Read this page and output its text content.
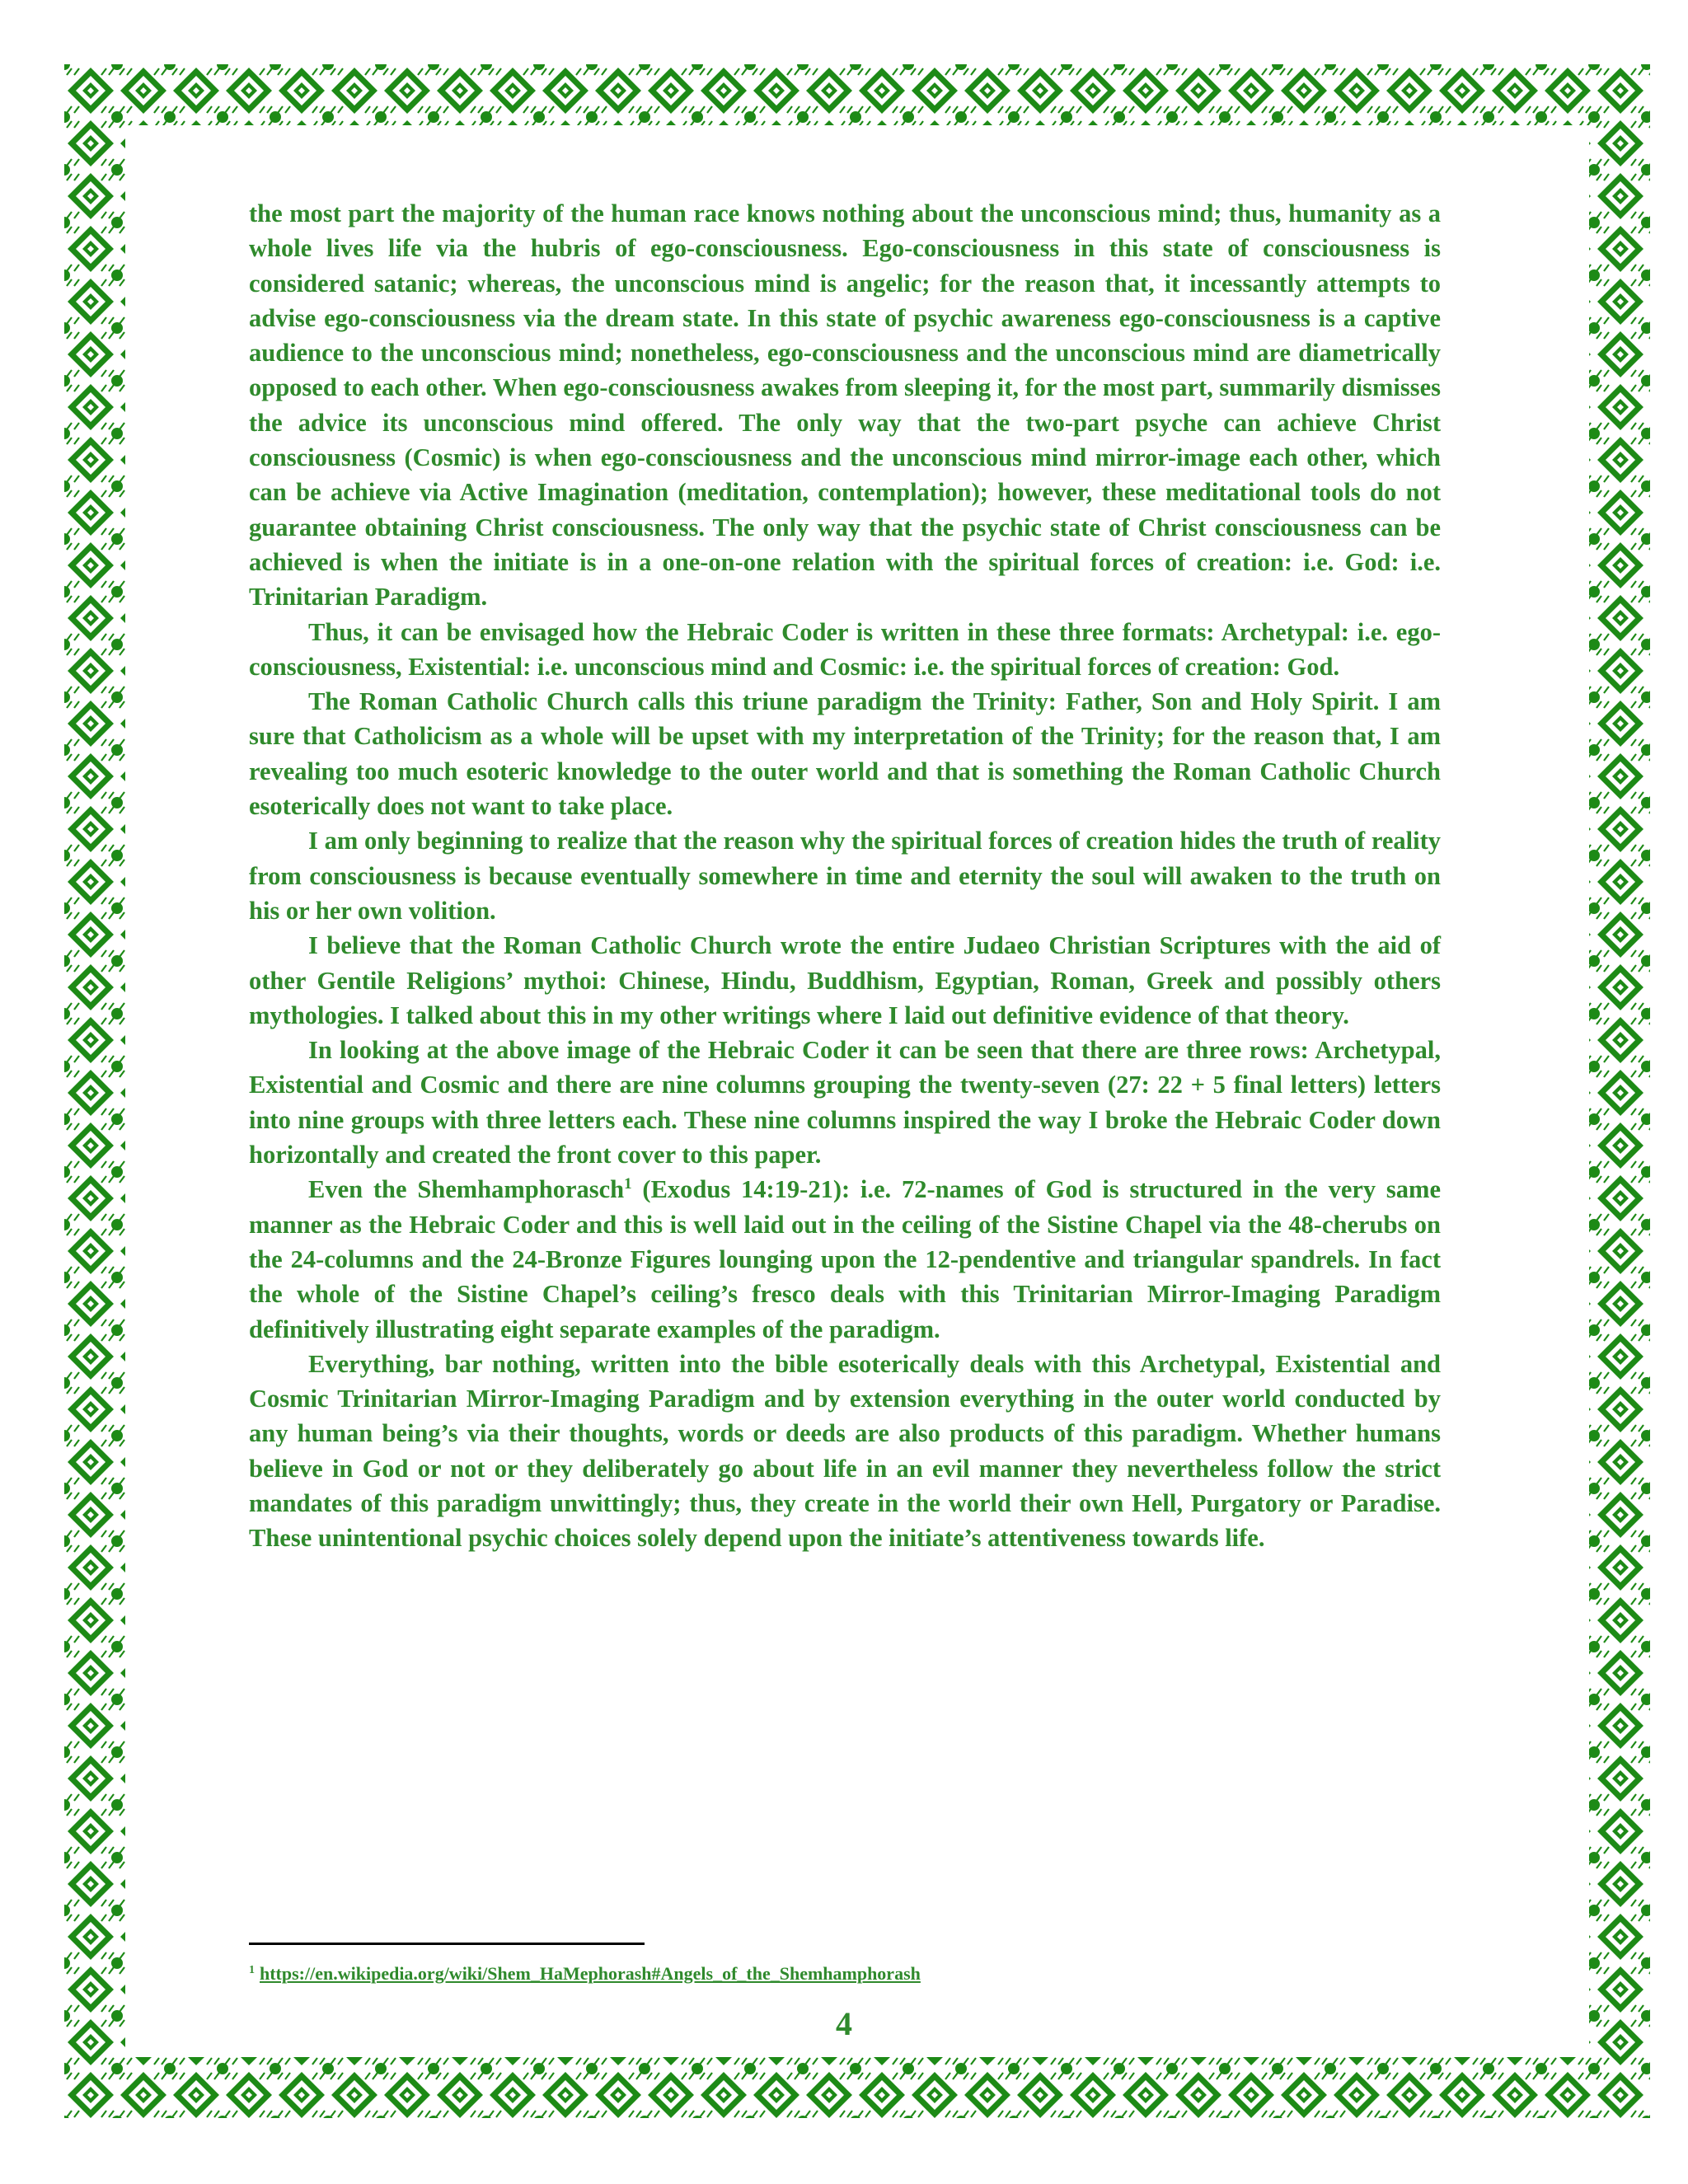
the most part the majority of the human race knows nothing about the unconscious mind; thus, humanity as a whole lives life via the hubris of ego-consciousness. Ego-consciousness in this state of consciousness is considered satanic; whereas, the unconscious mind is angelic; for the reason that, it incessantly attempts to advise ego-consciousness via the dream state. In this state of psychic awareness ego-consciousness is a captive audience to the unconscious mind; nonetheless, ego-consciousness and the unconscious mind are diametrically opposed to each other. When ego-consciousness awakes from sleeping it, for the most part, summarily dismisses the advice its unconscious mind offered. The only way that the two-part psyche can achieve Christ consciousness (Cosmic) is when ego-consciousness and the unconscious mind mirror-image each other, which can be achieve via Active Imagination (meditation, contemplation); however, these meditational tools do not guarantee obtaining Christ consciousness. The only way that the psychic state of Christ consciousness can be achieved is when the initiate is in a one-on-one relation with the spiritual forces of creation: i.e. God: i.e. Trinitarian Paradigm.

Thus, it can be envisaged how the Hebraic Coder is written in these three formats: Archetypal: i.e. ego-consciousness, Existential: i.e. unconscious mind and Cosmic: i.e. the spiritual forces of creation: God.

The Roman Catholic Church calls this triune paradigm the Trinity: Father, Son and Holy Spirit. I am sure that Catholicism as a whole will be upset with my interpretation of the Trinity; for the reason that, I am revealing too much esoteric knowledge to the outer world and that is something the Roman Catholic Church esoterically does not want to take place.

I am only beginning to realize that the reason why the spiritual forces of creation hides the truth of reality from consciousness is because eventually somewhere in time and eternity the soul will awaken to the truth on his or her own volition.

I believe that the Roman Catholic Church wrote the entire Judaeo Christian Scriptures with the aid of other Gentile Religions’ mythoi: Chinese, Hindu, Buddhism, Egyptian, Roman, Greek and possibly others mythologies. I talked about this in my other writings where I laid out definitive evidence of that theory.

In looking at the above image of the Hebraic Coder it can be seen that there are three rows: Archetypal, Existential and Cosmic and there are nine columns grouping the twenty-seven (27: 22 + 5 final letters) letters into nine groups with three letters each. These nine columns inspired the way I broke the Hebraic Coder down horizontally and created the front cover to this paper.

Even the Shemhamphorasch$^1$ (Exodus 14:19-21): i.e. 72-names of God is structured in the very same manner as the Hebraic Coder and this is well laid out in the ceiling of the Sistine Chapel via the 48-cherubs on the 24-columns and the 24-Bronze Figures lounging upon the 12-pendentive and triangular spandrels. In fact the whole of the Sistine Chapel’s ceiling’s fresco deals with this Trinitarian Mirror-Imaging Paradigm definitively illustrating eight separate examples of the paradigm.

Everything, bar nothing, written into the bible esoterically deals with this Archetypal, Existential and Cosmic Trinitarian Mirror-Imaging Paradigm and by extension everything in the outer world conducted by any human being’s via their thoughts, words or deeds are also products of this paradigm. Whether humans believe in God or not or they deliberately go about life in an evil manner they nevertheless follow the strict mandates of this paradigm unwittingly; thus, they create in the world their own Hell, Purgatory or Paradise. These unintentional psychic choices solely depend upon the initiate’s attentiveness towards life.

$^1$ https://en.wikipedia.org/wiki/Shem_HaMephorash#Angels_of_the_Shemhamphorash
4
